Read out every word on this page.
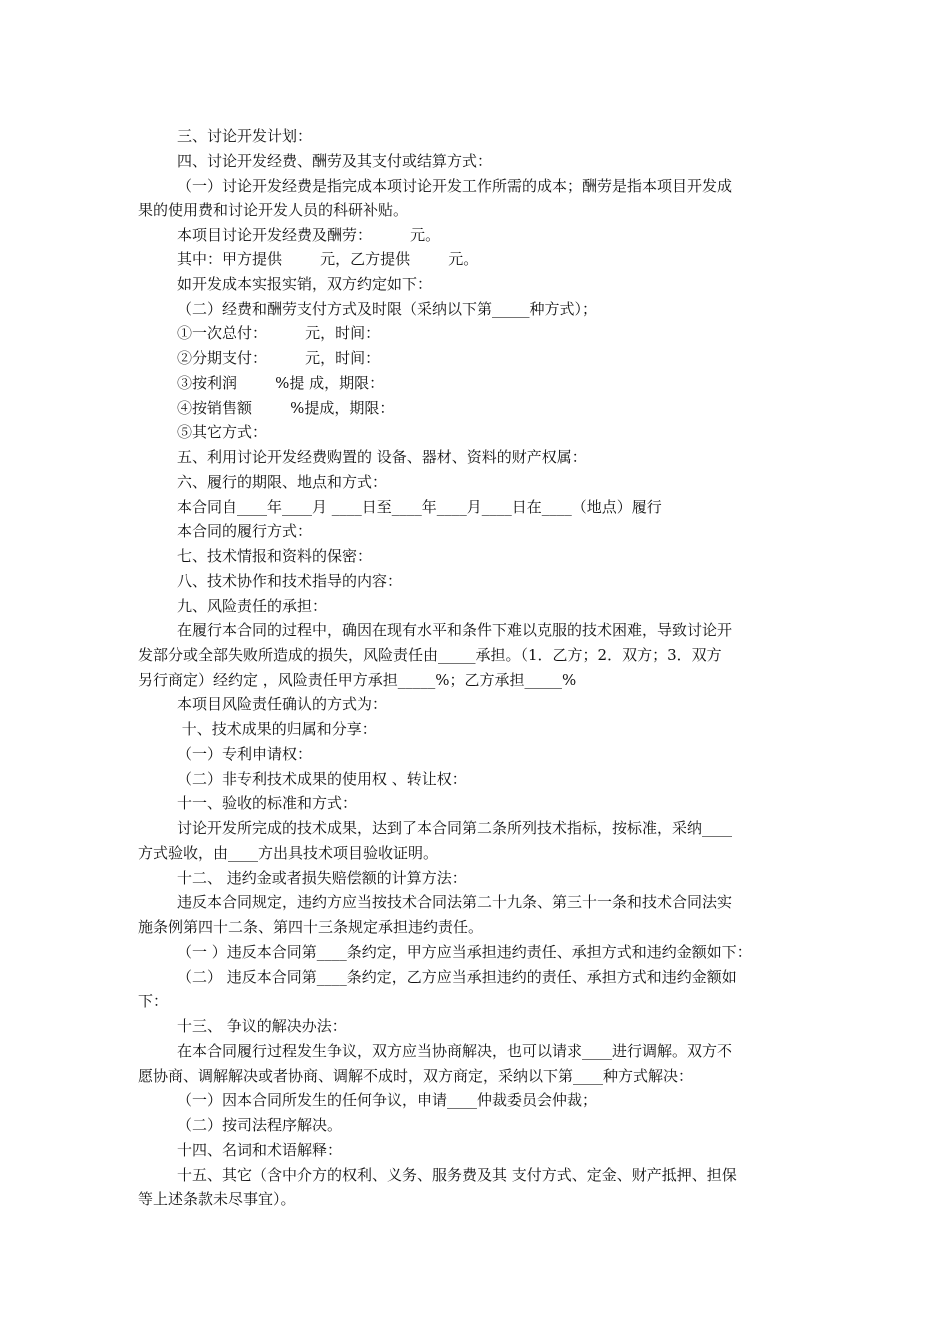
三、讨论开发计划：
四、讨论开发经费、酬劳及其支付或结算方式：
（一）讨论开发经费是指完成本项讨论开发工作所需的成本；酬劳是指本项目开发成
果的使用费和讨论开发人员的科研补贴。
本项目讨论开发经费及酬劳：        元。
其中：甲方提供        元，乙方提供        元。
如开发成本实报实销，双方约定如下：
（二）经费和酬劳支付方式及时限（采纳以下第_____种方式）；
①一次总付：        元，时间：
②分期支付：        元，时间：
③按利润        %提 成，期限：
④按销售额        %提成，期限：
⑤其它方式：
五、利用讨论开发经费购置的 设备、器材、资料的财产权属：
六、履行的期限、地点和方式：
本合同自____年____月 ____日至____年____月____日在____（地点）履行
本合同的履行方式：
七、技术情报和资料的保密：
八、技术协作和技术指导的内容：
九、风险责任的承担：
在履行本合同的过程中，确因在现有水平和条件下难以克服的技术困难，导致讨论开
发部分或全部失败所造成的损失，风险责任由_____承担。（1．乙方；2．双方；3．双方
另行商定）经约定 ，风险责任甲方承担_____%；乙方承担_____%
本项目风险责任确认的方式为：
十、技术成果的归属和分享：
（一）专利申请权：
（二）非专利技术成果的使用权 、转让权：
十一、验收的标准和方式：
讨论开发所完成的技术成果，达到了本合同第二条所列技术指标，按标准，采纳____
方式验收，由____方出具技术项目验收证明。
十二、 违约金或者损失赔偿额的计算方法：
违反本合同规定，违约方应当按技术合同法第二十九条、第三十一条和技术合同法实
施条例第四十二条、第四十三条规定承担违约责任。
（一 ）违反本合同第____条约定，甲方应当承担违约责任、承担方式和违约金额如下：
（二） 违反本合同第____条约定，乙方应当承担违约的责任、承担方式和违约金额如
下：
十三、 争议的解决办法：
在本合同履行过程发生争议，双方应当协商解决，也可以请求____进行调解。双方不
愿协商、调解解决或者协商、调解不成时，双方商定，采纳以下第____种方式解决：
（一）因本合同所发生的任何争议，申请____仲裁委员会仲裁；
（二）按司法程序解决。
十四、名词和术语解释：
十五、其它（含中介方的权利、义务、服务费及其 支付方式、定金、财产抵押、担保
等上述条款未尽事宜）。
